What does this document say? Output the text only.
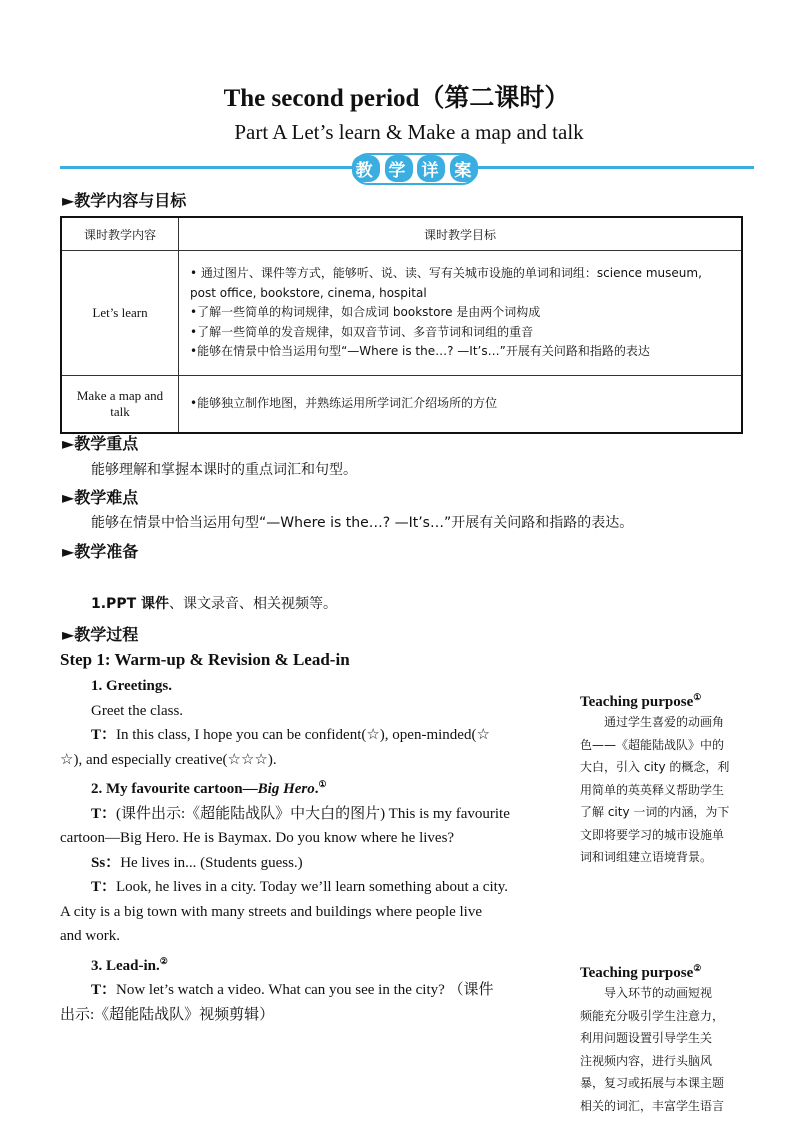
The second period（第二课时）
Part A Let’s learn & Make a map and talk
教 学 详 案
►教学内容与目标
课时教学内容	课时教学目标
Let’s learn	• 通过图片、课件等方式，能够听、说、读、写有关城市设施的单词和词组：science museum,
post office, bookstore, cinema, hospital
•了解一些简单的构词规律，如合成词 bookstore 是由两个词构成
•了解一些简单的发音规律，如双音节词、多音节词和词组的重音
•能够在情景中恰当运用句型“—Where is the…? —It’s…”开展有关问路和指路的表达

Make a map and
talk	•能够独立制作地图，并熟练运用所学词汇介绍场所的方位
►教学重点
能够理解和掌握本课时的重点词汇和句型。
►教学难点
能够在情景中恰当运用句型“—Where is the…? —It’s…”开展有关问路和指路的表达。
►教学准备
1.PPT 课件、课文录音、相关视频等。
►教学过程
Step 1: Warm-up & Revision & Lead-in
1. Greetings.
Greet the class.
T：In this class, I hope you can be confident(☆), open-minded(☆
☆), and especially creative(☆☆☆).
2. My favourite cartoon—Big Hero.①
T：(课件出示:《超能陆战队》中大白的图片) This is my favourite
cartoon—Big Hero. He is Baymax. Do you know where he lives?
Ss：He lives in... (Students guess.)
T：Look, he lives in a city. Today we’ll learn something about a city.
A city is a big town with many streets and buildings where people live
and work.
3. Lead-in.②
T：Now let’s watch a video. What can you see in the city? （课件
出示:《超能陆战队》视频剪辑）
Teaching purpose①
　　通过学生喜爱的动画角
色——《超能陆战队》中的
大白，引入 city 的概念，利
用简单的英英释义帮助学生
了解 city 一词的内涵，为下
文即将要学习的城市设施单
词和词组建立语境背景。
Teaching purpose②
　　导入环节的动画短视
频能充分吸引学生注意力，
利用问题设置引导学生关
注视频内容，进行头脑风
暴，复习或拓展与本课主题
相关的词汇，丰富学生语言
